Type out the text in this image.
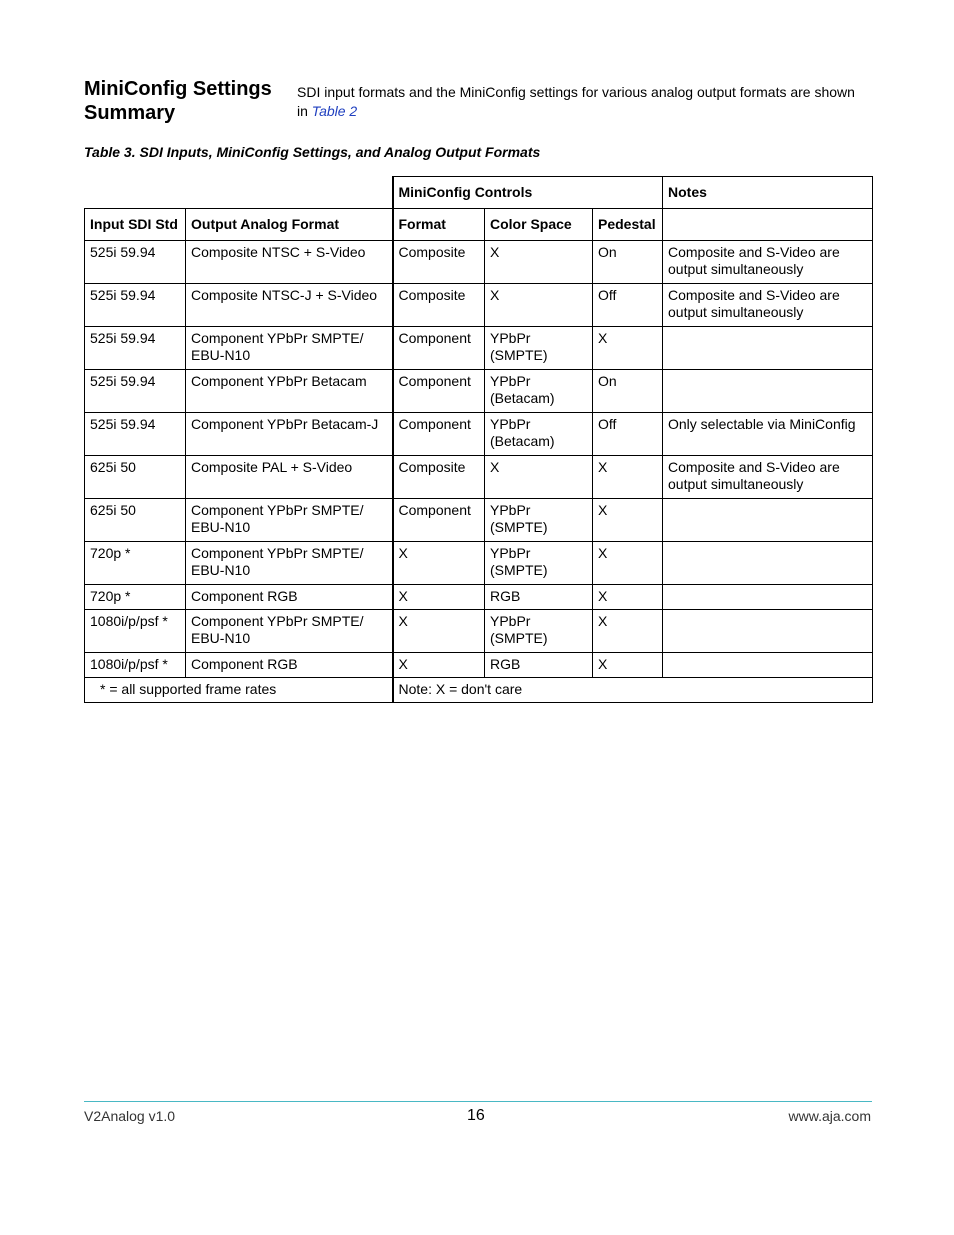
MiniConfig Settings Summary
SDI input formats and the MiniConfig settings for various analog output formats are shown in Table 2
Table 3. SDI Inputs, MiniConfig Settings, and Analog Output Formats
		MiniConfig Controls			Notes
Input SDI Std	Output Analog Format	Format	Color Space	Pedestal	
525i 59.94	Composite NTSC + S-Video	Composite	X	On	Composite and S-Video are output simultaneously
525i 59.94	Composite NTSC-J + S-Video	Composite	X	Off	Composite and S-Video are output simultaneously
525i 59.94	Component YPbPr SMPTE/ EBU-N10	Component	YPbPr (SMPTE)	X	
525i 59.94	Component YPbPr Betacam	Component	YPbPr (Betacam)	On	
525i 59.94	Component YPbPr Betacam-J	Component	YPbPr (Betacam)	Off	Only selectable via MiniConfig
625i 50	Composite PAL + S-Video	Composite	X	X	Composite and S-Video are output simultaneously
625i 50	Component YPbPr SMPTE/ EBU-N10	Component	YPbPr (SMPTE)	X	
720p *	Component YPbPr SMPTE/ EBU-N10	X	YPbPr (SMPTE)	X	
720p *	Component RGB	X	RGB	X	
1080i/p/psf *	Component YPbPr SMPTE/ EBU-N10	X	YPbPr (SMPTE)	X	
1080i/p/psf *	Component RGB	X	RGB	X	
* = all supported frame rates		Note: X = don't care			
V2Analog v1.0	16	www.aja.com
